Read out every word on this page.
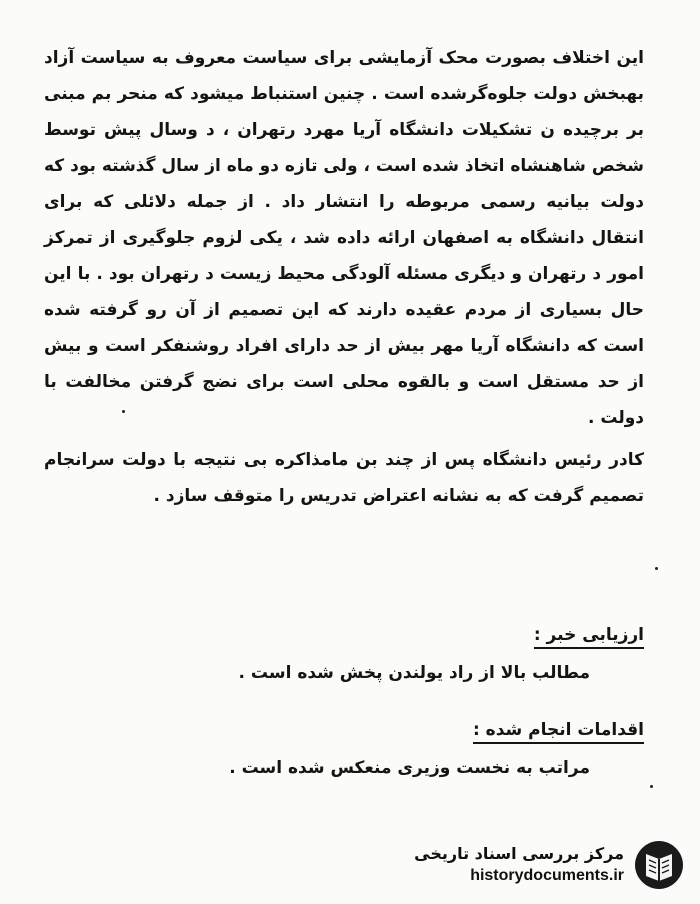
این اختلاف بصورت محک آزمایشی برای سیاست معروف به سیاست آزاد بهبخش دولت جلوه‌گرشده است . چنین استنباط میشود که منحر بم مبنی بر برچیده ن تشکیلات دانشگاه آریا مهرد رتهران ، د وسال پیش توسط شخص شاهنشاه اتخاذ شده است ، ولی تازه دو ماه از سال گذشته بود که دولت بیانیه رسمی مربوطه را انتشار داد . از جمله دلائلی که برای انتقال دانشگاه به اصفهان ارائه داده شد ، یکی لزوم جلوگیری از تمرکز امور د رتهران و دیگری مسئله آلودگی محیط زیست د رتهران بود . با این حال بسیاری از مردم عقیده دارند که این تصمیم از آن رو گرفته شده است که دانشگاه آریا مهر بیش از حد دارای افراد روشنفکر است و بیش از حد مستقل است و بالقوه محلی است برای نضج گرفتن مخالفت با دولت .

کادر رئیس دانشگاه پس از چند بن مامذاکره بی نتیجه با دولت سرانجام تصمیم گرفت که به نشانه اعتراض تدریس را متوقف سازد .

ارزیابی خبر :
مطالب بالا از راد یولندن پخش شده است .
اقدامات انجام شده :
مراتب به نخست وزیری منعکس شده است .
مرکز بررسی اسناد تاریخی
historydocuments.ir
